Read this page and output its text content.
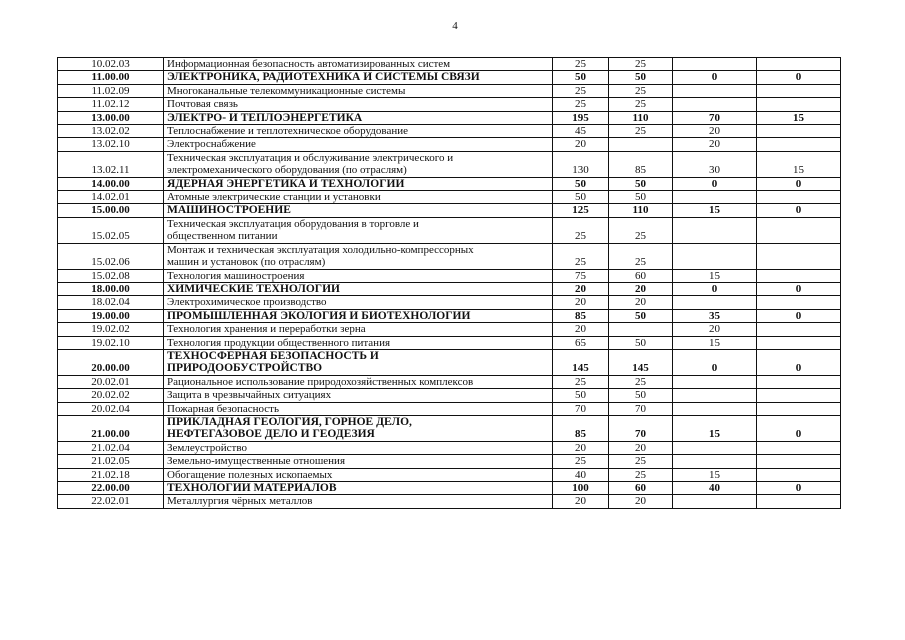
4
10.02.03	Информационная безопасность автоматизированных систем	25	25		
11.00.00	ЭЛЕКТРОНИКА, РАДИОТЕХНИКА И СИСТЕМЫ СВЯЗИ	50	50	0	0
11.02.09	Многоканальные телекоммуникационные системы	25	25		
11.02.12	Почтовая связь	25	25		
13.00.00	ЭЛЕКТРО- И ТЕПЛОЭНЕРГЕТИКА	195	110	70	15
13.02.02	Теплоснабжение и теплотехническое оборудование	45	25	20	
13.02.10	Электроснабжение	20		20	
13.02.11	Техническая эксплуатация и обслуживание электрического и
электромеханического оборудования (по отраслям)	130	85	30	15
14.00.00	ЯДЕРНАЯ ЭНЕРГЕТИКА И ТЕХНОЛОГИИ	50	50	0	0
14.02.01	Атомные электрические станции и установки	50	50		
15.00.00	МАШИНОСТРОЕНИЕ	125	110	15	0
15.02.05	Техническая эксплуатация оборудования в торговле и
общественном питании	25	25		
15.02.06	Монтаж и техническая эксплуатация холодильно-компрессорных
машин и установок (по отраслям)	25	25		
15.02.08	Технология машиностроения	75	60	15	
18.00.00	ХИМИЧЕСКИЕ ТЕХНОЛОГИИ	20	20	0	0
18.02.04	Электрохимическое производство	20	20		
19.00.00	ПРОМЫШЛЕННАЯ ЭКОЛОГИЯ И БИОТЕХНОЛОГИИ	85	50	35	0
19.02.02	Технология хранения и переработки зерна	20		20	
19.02.10	Технология продукции общественного питания	65	50	15	
20.00.00	ТЕХНОСФЕРНАЯ БЕЗОПАСНОСТЬ И
ПРИРОДООБУСТРОЙСТВО	145	145	0	0
20.02.01	Рациональное использование природохозяйственных комплексов	25	25		
20.02.02	Защита в чрезвычайных ситуациях	50	50		
20.02.04	Пожарная безопасность	70	70		
21.00.00	ПРИКЛАДНАЯ ГЕОЛОГИЯ, ГОРНОЕ ДЕЛО,
НЕФТЕГАЗОВОЕ ДЕЛО И ГЕОДЕЗИЯ	85	70	15	0
21.02.04	Землеустройство	20	20		
21.02.05	Земельно-имущественные отношения	25	25		
21.02.18	Обогащение полезных ископаемых	40	25	15	
22.00.00	ТЕХНОЛОГИИ МАТЕРИАЛОВ	100	60	40	0
22.02.01	Металлургия чёрных металлов	20	20		
